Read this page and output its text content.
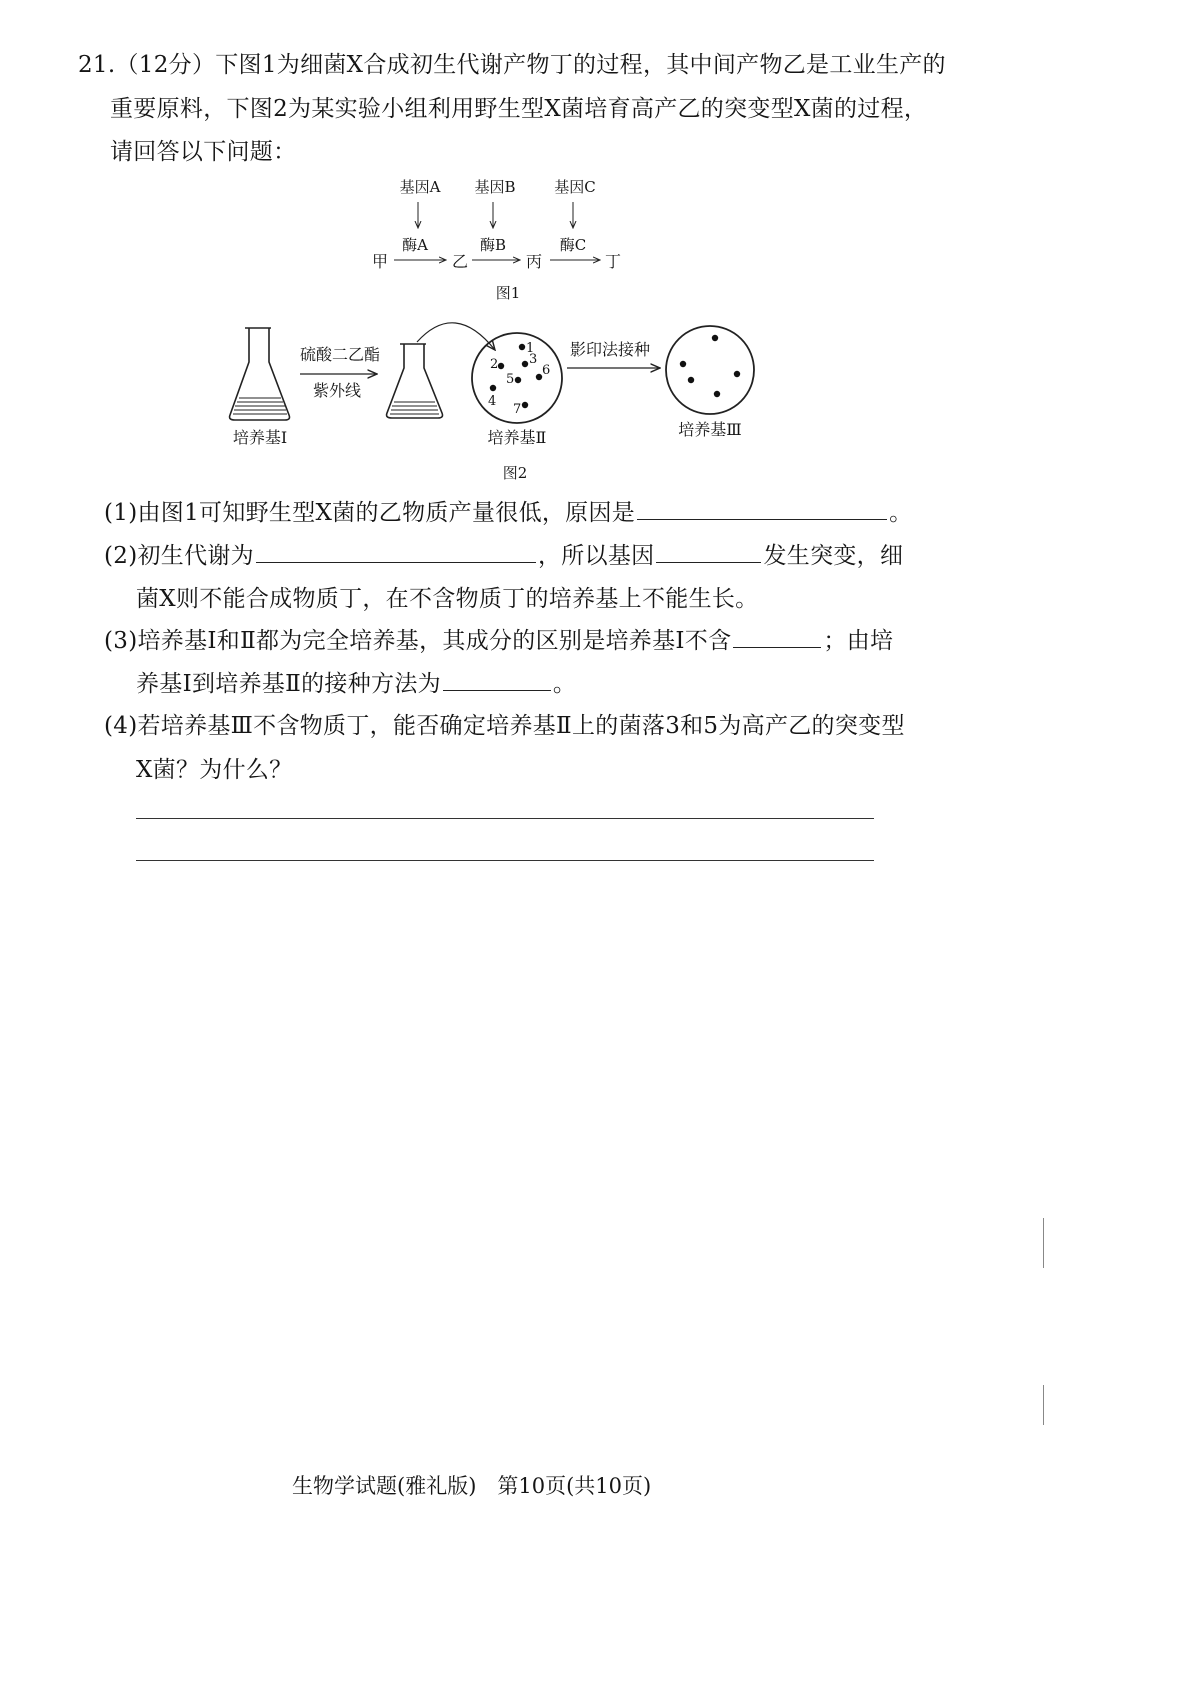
21.（12分）下图1为细菌X合成初生代谢产物丁的过程，其中间产物乙是工业生产的
重要原料，下图2为某实验小组利用野生型X菌培育高产乙的突变型X菌的过程，
请回答以下问题：
基因A 基因B	基因C
酶A	酶B	酶C
甲	乙	丙	丁
图1
培养基Ⅰ
硫酸二乙酯
紫外线
1
2 3
4
5
6
7
培养基Ⅱ
影印法接种
培养基Ⅲ
图2
(1)由图1可知野生型X菌的乙物质产量很低，原因是	。
(2)初生代谢为	，所以基因	发生突变，细
菌X则不能合成物质丁，在不含物质丁的培养基上不能生长。
(3)培养基Ⅰ和Ⅱ都为完全培养基，其成分的区别是培养基Ⅰ不含	；由培
养基Ⅰ到培养基Ⅱ的接种方法为	。
(4)若培养基Ⅲ不含物质丁，能否确定培养基Ⅱ上的菌落3和5为高产乙的突变型
X菌？为什么？
生物学试题(雅礼版)　第10页(共10页)
